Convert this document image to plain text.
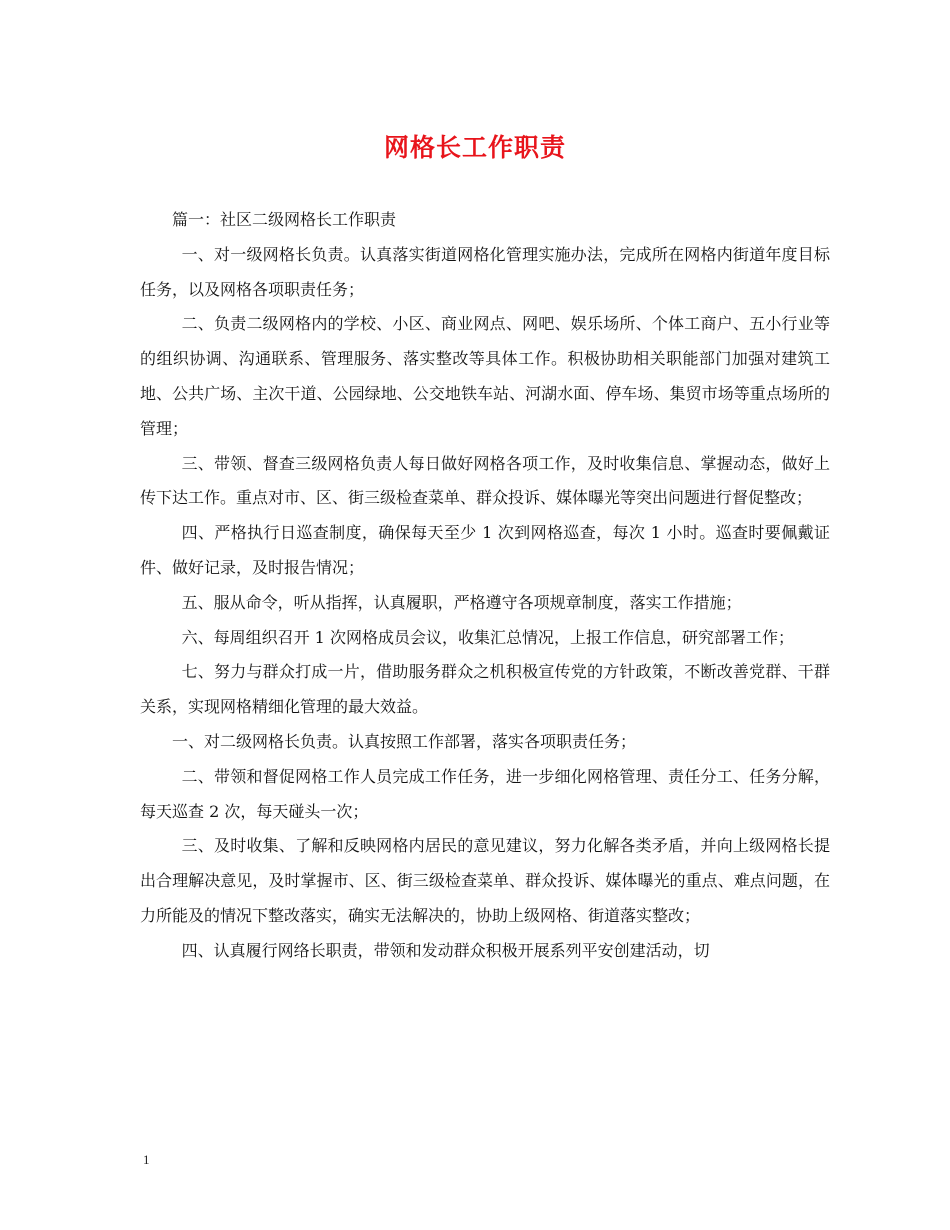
网格长工作职责

篇一：社区二级网格长工作职责

一、对一级网格长负责。认真落实街道网格化管理实施办法，完成所在网格内街道年度目标任务，以及网格各项职责任务；

二、负责二级网格内的学校、小区、商业网点、网吧、娱乐场所、个体工商户、五小行业等的组织协调、沟通联系、管理服务、落实整改等具体工作。积极协助相关职能部门加强对建筑工地、公共广场、主次干道、公园绿地、公交地铁车站、河湖水面、停车场、集贸市场等重点场所的管理；

三、带领、督查三级网格负责人每日做好网格各项工作，及时收集信息、掌握动态，做好上传下达工作。重点对市、区、街三级检查菜单、群众投诉、媒体曝光等突出问题进行督促整改；

四、严格执行日巡查制度，确保每天至少 1 次到网格巡查，每次 1 小时。巡查时要佩戴证件、做好记录，及时报告情况；

五、服从命令，听从指挥，认真履职，严格遵守各项规章制度，落实工作措施；

六、每周组织召开 1 次网格成员会议，收集汇总情况，上报工作信息，研究部署工作；

七、努力与群众打成一片，借助服务群众之机积极宣传党的方针政策，不断改善党群、干群关系，实现网格精细化管理的最大效益。

一、对二级网格长负责。认真按照工作部署，落实各项职责任务；

二、带领和督促网格工作人员完成工作任务，进一步细化网格管理、责任分工、任务分解，每天巡查 2 次，每天碰头一次；

三、及时收集、了解和反映网格内居民的意见建议，努力化解各类矛盾，并向上级网格长提出合理解决意见，及时掌握市、区、街三级检查菜单、群众投诉、媒体曝光的重点、难点问题，在力所能及的情况下整改落实，确实无法解决的，协助上级网格、街道落实整改；

四、认真履行网络长职责，带领和发动群众积极开展系列平安创建活动，切

1
